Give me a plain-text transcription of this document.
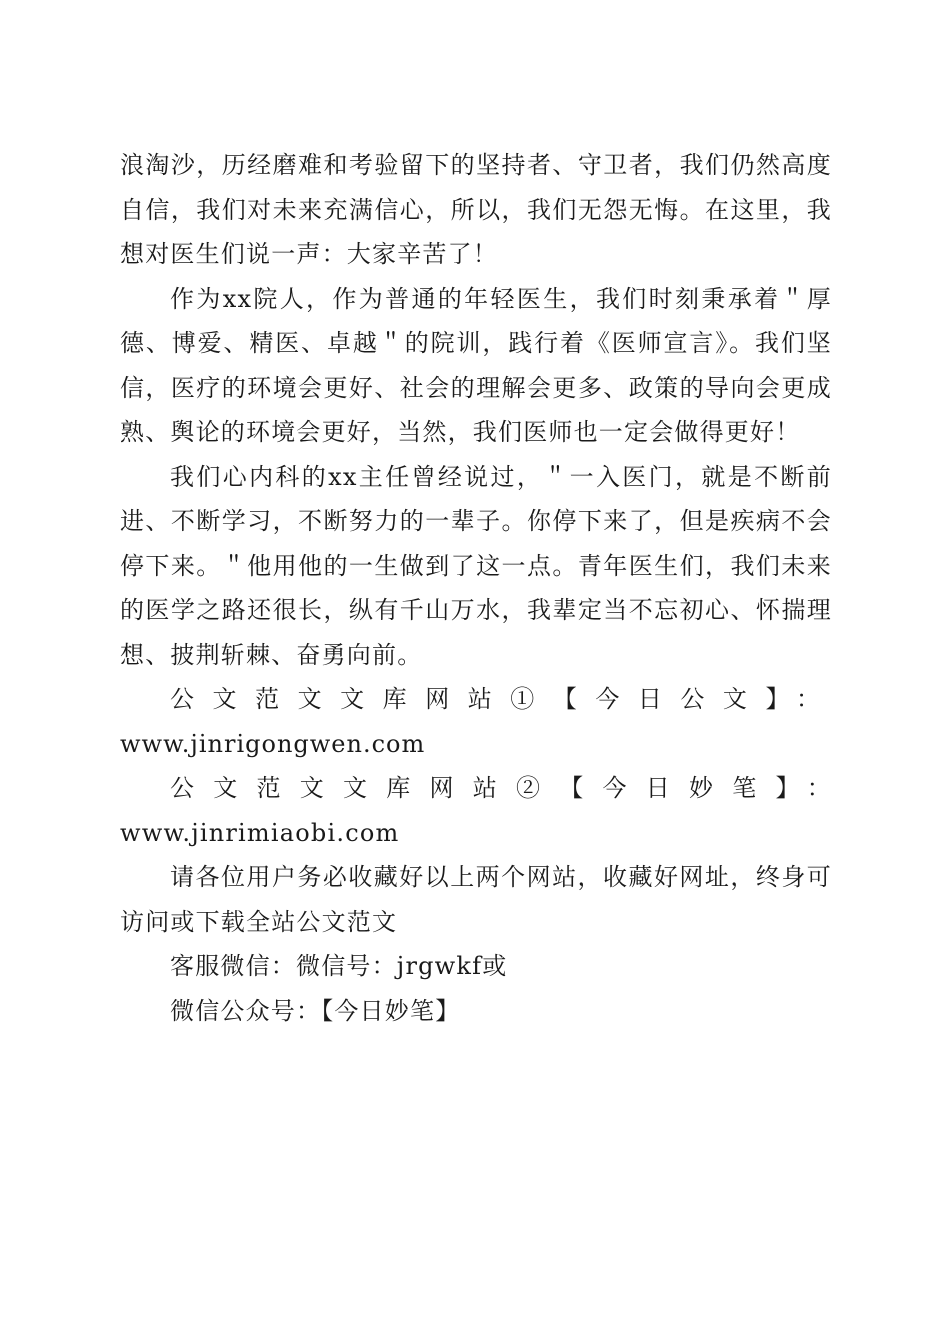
浪淘沙，历经磨难和考验留下的坚持者、守卫者，我们仍然高度自信，我们对未来充满信心，所以，我们无怨无悔。在这里，我想对医生们说一声：大家辛苦了！

作为xx院人，作为普通的年轻医生，我们时刻秉承着＂厚德、博爱、精医、卓越＂的院训，践行着《医师宣言》。我们坚信，医疗的环境会更好、社会的理解会更多、政策的导向会更成熟、舆论的环境会更好，当然，我们医师也一定会做得更好！

我们心内科的xx主任曾经说过，＂一入医门，就是不断前进、不断学习，不断努力的一辈子。你停下来了，但是疾病不会停下来。＂他用他的一生做到了这一点。青年医生们，我们未来的医学之路还很长，纵有千山万水，我辈定当不忘初心、怀揣理想、披荆斩棘、奋勇向前。

公文范文文库网站①【今日公文】：www.jinrigongwen.com

公文范文文库网站②【今日妙笔】：www.jinrimiaobi.com

请各位用户务必收藏好以上两个网站，收藏好网址，终身可访问或下载全站公文范文

客服微信：微信号：jrgwkf或

微信公众号：【今日妙笔】
